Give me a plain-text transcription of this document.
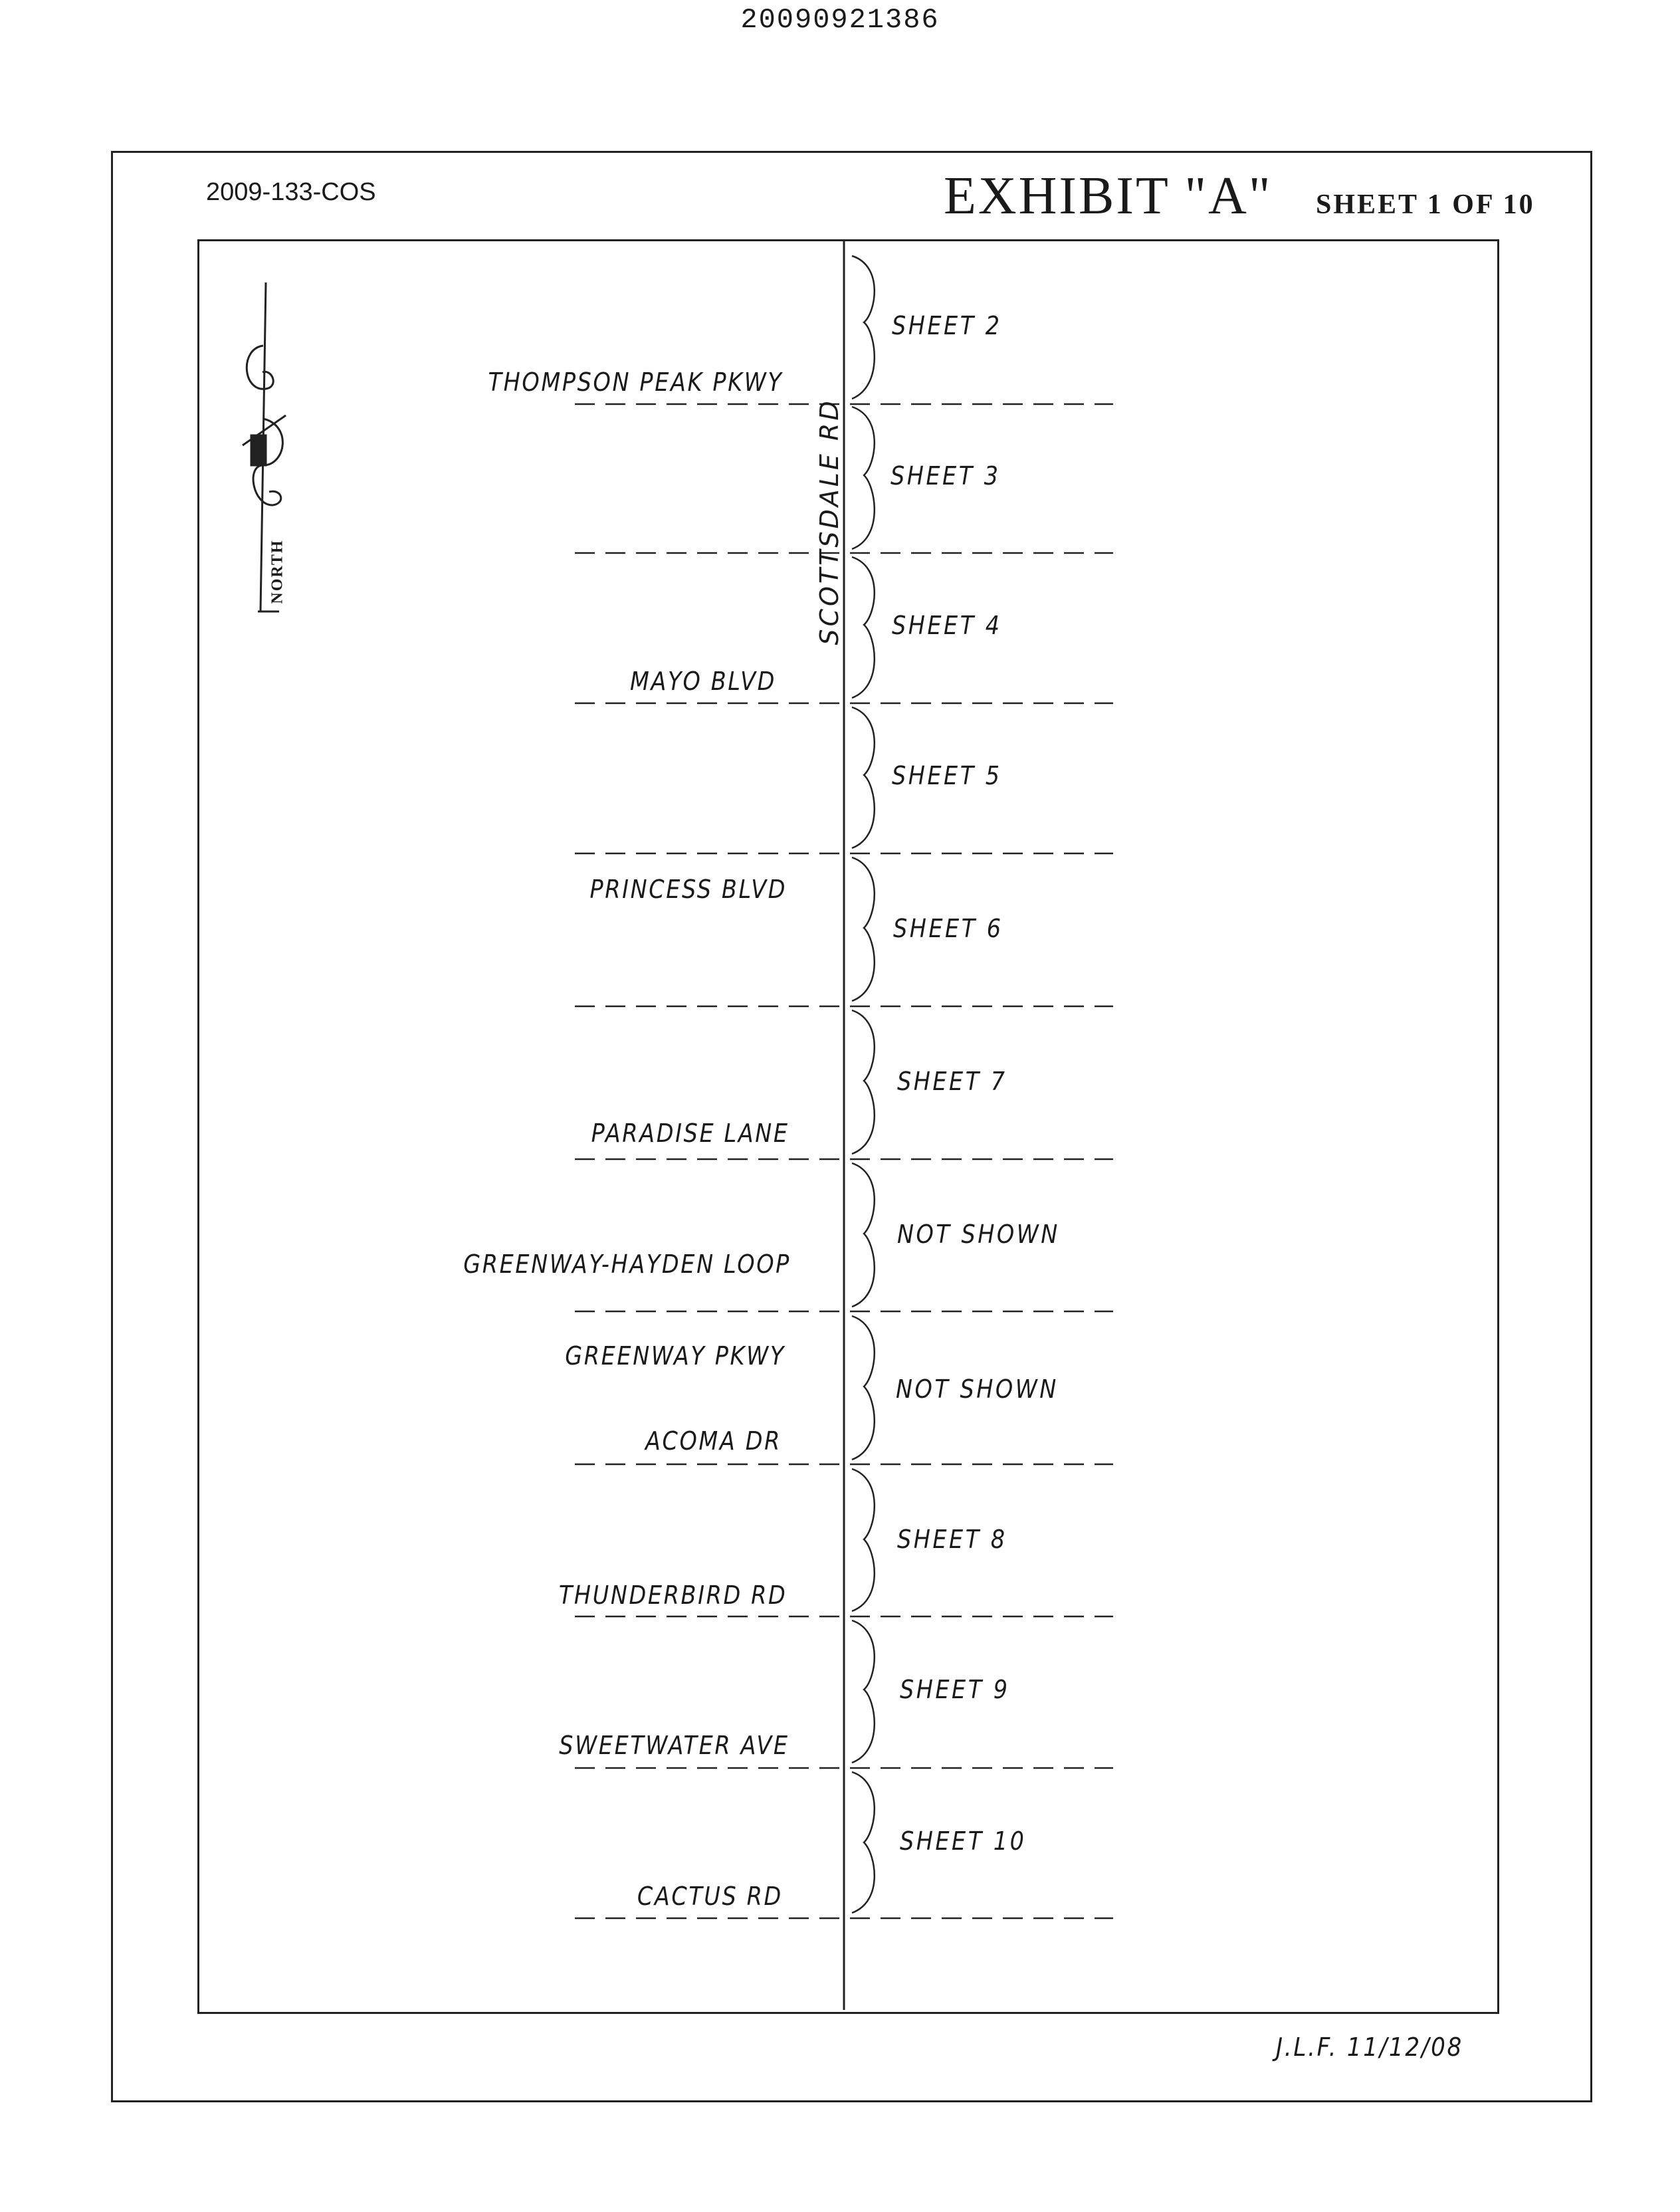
20090921386
2009-133-COS	EXHIBIT "A" SHEET 1 OF 10
NORTH	SCOTTSDALE RD
THOMPSON PEAK PKWY
MAYO BLVD
PRINCESS BLVD
PARADISE LANE
GREENWAY-HAYDEN LOOP
GREENWAY PKWY
ACOMA DR
THUNDERBIRD RD
SWEETWATER AVE
CACTUS RD
SHEET 2
SHEET 3
SHEET 4
SHEET 5
SHEET 6
SHEET 7
NOT SHOWN
NOT SHOWN
SHEET 8
SHEET 9
SHEET 10
J.L.F. 11/12/08
